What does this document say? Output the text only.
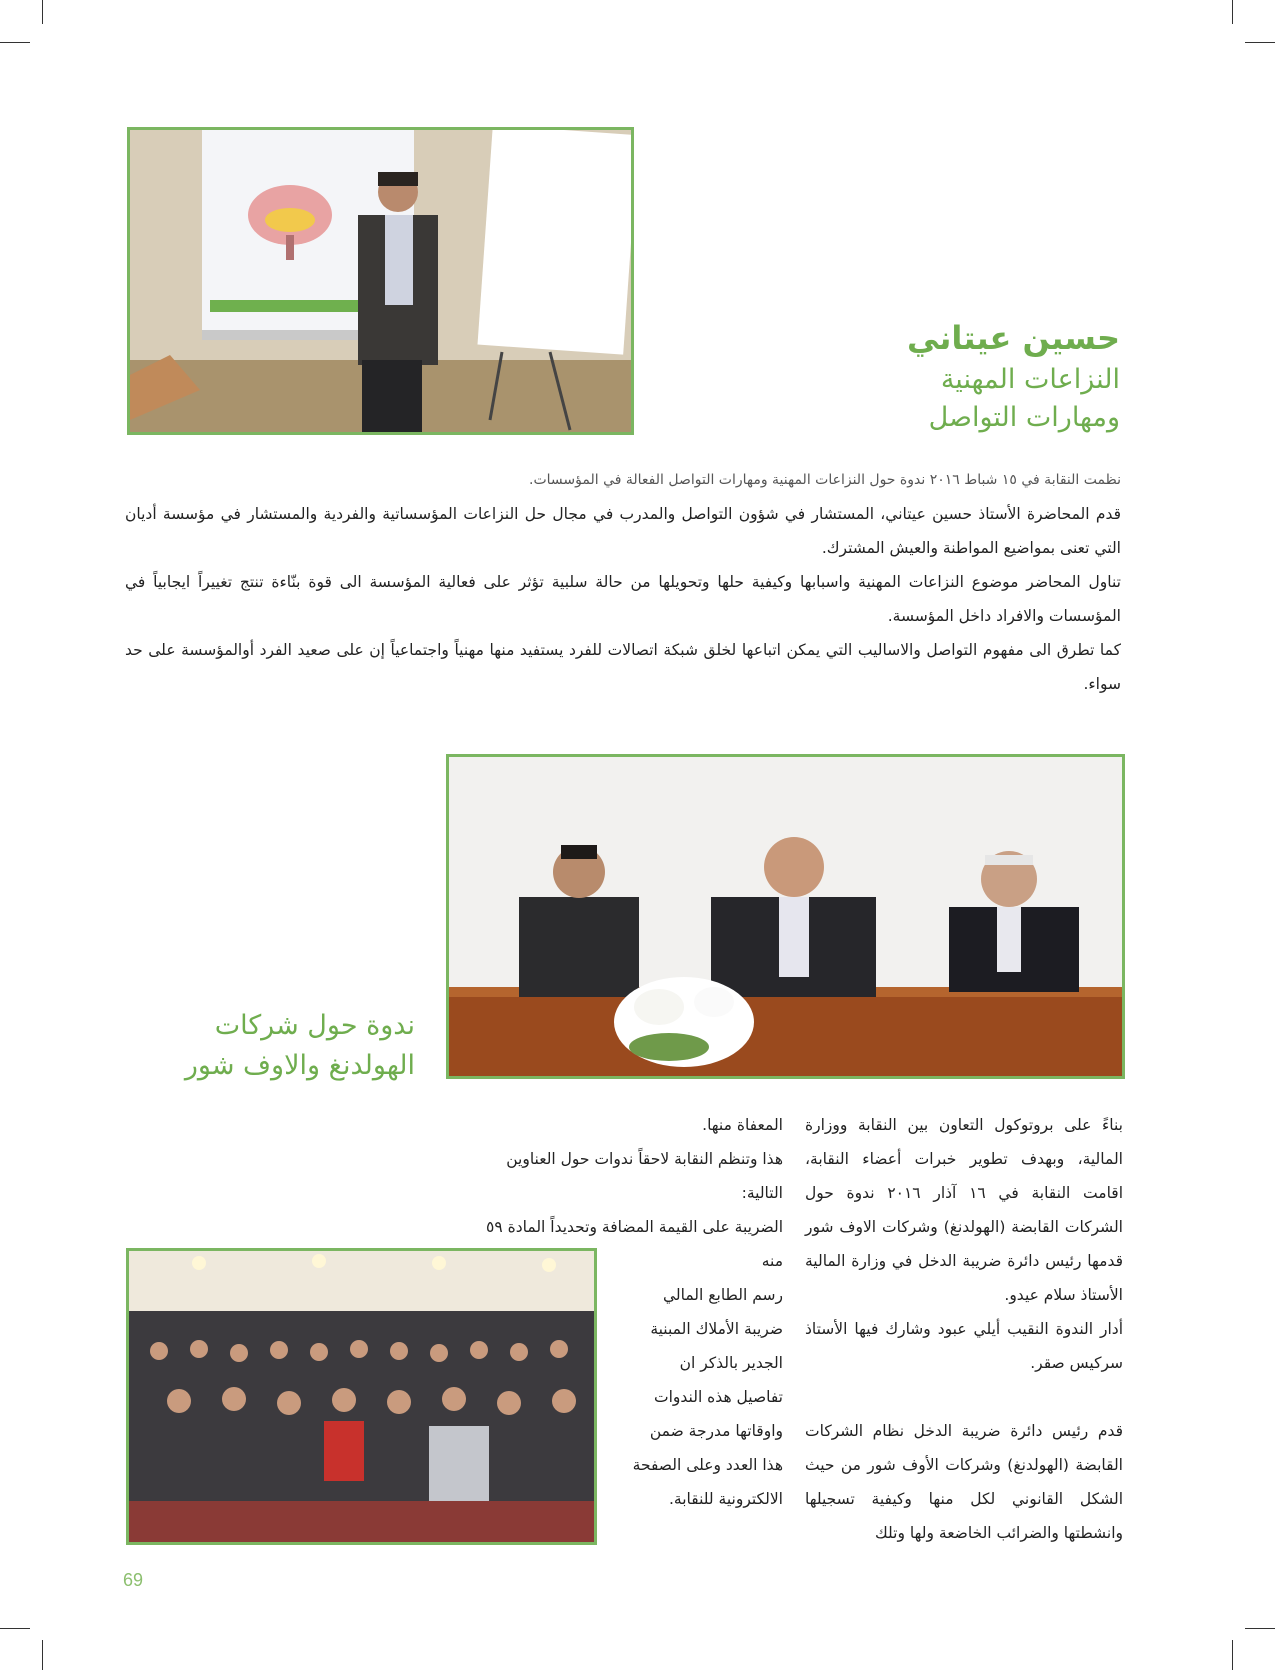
حسين عيتاني
النزاعات المهنية
ومهارات التواصل

نظمت النقابة في ١٥ شباط ٢٠١٦ ندوة حول النزاعات المهنية ومهارات التواصل الفعالة في المؤسسات.

قدم المحاضرة الأستاذ حسين عيتاني، المستشار في شؤون التواصل والمدرب في مجال حل النزاعات المؤسساتية والفردية والمستشار في مؤسسة أديان التي تعنى بمواضيع المواطنة والعيش المشترك.

تناول المحاضر موضوع النزاعات المهنية واسبابها وكيفية حلها وتحويلها من حالة سلبية تؤثر على فعالية المؤسسة الى قوة بنّاءة تنتج تغييراً ايجابياً في المؤسسات والافراد داخل المؤسسة.

كما تطرق الى مفهوم التواصل والاساليب التي يمكن اتباعها لخلق شبكة اتصالات للفرد يستفيد منها مهنياً واجتماعياً إن على صعيد الفرد أوالمؤسسة على حد سواء.

ندوة حول شركات
الهولدنغ والاوف شور

بناءً على بروتوكول التعاون بين النقابة ووزارة المالية، وبهدف تطوير خبرات أعضاء النقابة، اقامت النقابة في ١٦ آذار ٢٠١٦ ندوة حول الشركات القابضة (الهولدنغ) وشركات الاوف شور قدمها رئيس دائرة ضريبة الدخل في وزارة المالية الأستاذ سلام عيدو.

أدار الندوة النقيب أيلي عبود وشارك فيها الأستاذ سركيس صقر.

قدم رئيس دائرة ضريبة الدخل نظام الشركات القابضة (الهولدنغ) وشركات الأوف شور من حيث الشكل القانوني لكل منها وكيفية تسجيلها وانشطتها والضرائب الخاضعة ولها وتلك

المعفاة منها.

هذا وتنظم النقابة لاحقاً ندوات حول العناوين التالية:

الضريبة على القيمة المضافة وتحديداً المادة ٥٩ منه

رسم الطابع المالي

ضريبة الأملاك المبنية

الجدير بالذكر ان

تفاصيل هذه الندوات

واوقاتها مدرجة ضمن

هذا العدد وعلى الصفحة

الالكترونية للنقابة.

69
